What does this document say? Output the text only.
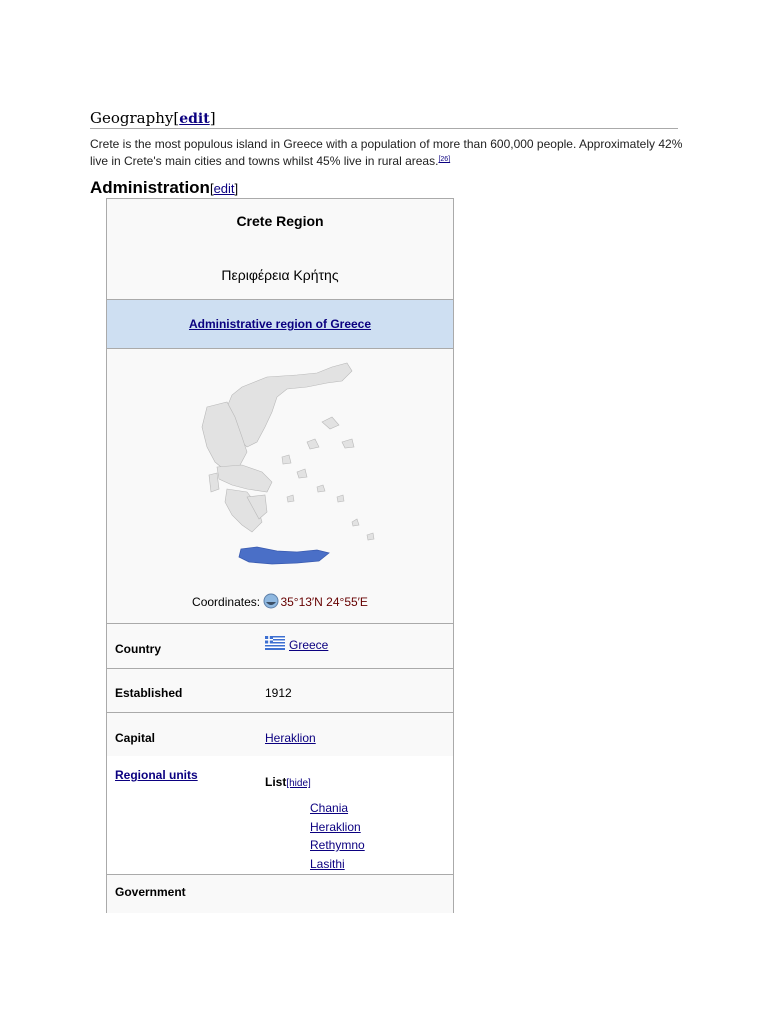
Geography[edit]
Crete is the most populous island in Greece with a population of more than 600,000 people. Approximately 42% live in Crete's main cities and towns whilst 45% live in rural areas.[26]
Administration[edit]
Crete Region
Περιφέρεια Κρήτης
Administrative region of Greece
Coordinates: 35°13′N 24°55′E
Country	Greece
Established	1912
Capital	Heraklion
Regional units	List[hide]
Chania
Heraklion
Rethymno
Lasithi
Government
